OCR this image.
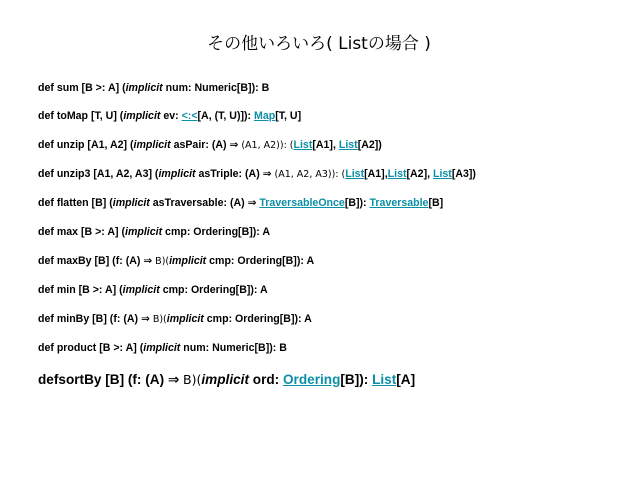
その他いろいろ( Listの場合 )
def sum [B >: A] (implicit num: Numeric[B]): B
def toMap [T, U] (implicit ev: <:<[A, (T, U)]): Map[T, U]
def unzip [A1, A2] (implicit asPair: (A) ⇒ (A1, A2)): (List[A1], List[A2])
def unzip3 [A1, A2, A3] (implicit asTriple: (A) ⇒ (A1, A2, A3)): (List[A1],List[A2], List[A3])
def flatten [B] (implicit asTraversable: (A) ⇒ TraversableOnce[B]): Traversable[B]
def max [B >: A] (implicit cmp: Ordering[B]): A
def maxBy [B] (f: (A) ⇒ B)(implicit cmp: Ordering[B]): A
def min [B >: A] (implicit cmp: Ordering[B]): A
def minBy [B] (f: (A) ⇒ B)(implicit cmp: Ordering[B]): A
def product [B >: A] (implicit num: Numeric[B]): B
defsortBy [B] (f: (A) ⇒ B)(implicit ord: Ordering[B]): List[A]
